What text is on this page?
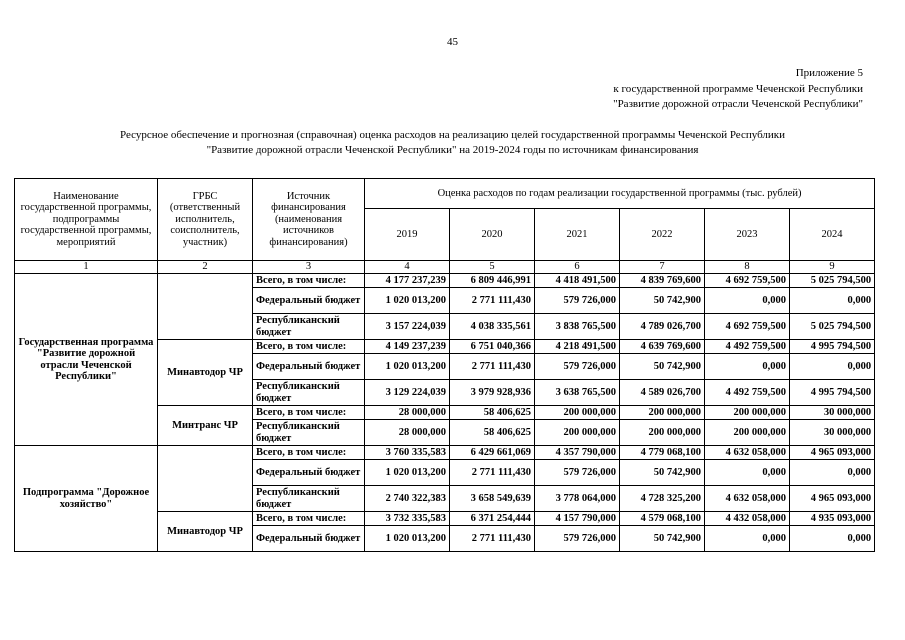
45
Приложение 5
к государственной программе Чеченской Республики
"Развитие дорожной отрасли Чеченской Республики"
Ресурсное обеспечение и прогнозная (справочная) оценка расходов на реализацию целей государственной программы Чеченской Республики
"Развитие дорожной отрасли Чеченской Республики" на 2019-2024 годы по источникам финансирования
Наименование государственной программы, подпрограммы государственной программы, мероприятий	ГРБС (ответственный исполнитель, соисполнитель, участник)	Источник финансирования (наименования источников финансирования)	Оценка расходов по годам реализации государственной программы (тыс. рублей)					
			2019	2020	2021	2022	2023	2024
1	2	3	4	5	6	7	8	9
Государственная программа "Развитие дорожной отрасли Чеченской Республики"		Всего, в том числе:	4 177 237,239	6 809 446,991	4 418 491,500	4 839 769,600	4 692 759,500	5 025 794,500
		Федеральный бюджет	1 020 013,200	2 771 111,430	579 726,000	50 742,900	0,000	0,000
		Республиканский бюджет	3 157 224,039	4 038 335,561	3 838 765,500	4 789 026,700	4 692 759,500	5 025 794,500
	Минавтодор ЧР	Всего, в том числе:	4 149 237,239	6 751 040,366	4 218 491,500	4 639 769,600	4 492 759,500	4 995 794,500
		Федеральный бюджет	1 020 013,200	2 771 111,430	579 726,000	50 742,900	0,000	0,000
		Республиканский бюджет	3 129 224,039	3 979 928,936	3 638 765,500	4 589 026,700	4 492 759,500	4 995 794,500
	Минтранс ЧР	Всего, в том числе:	28 000,000	58 406,625	200 000,000	200 000,000	200 000,000	30 000,000
		Республиканский бюджет	28 000,000	58 406,625	200 000,000	200 000,000	200 000,000	30 000,000
Подпрограмма "Дорожное хозяйство"		Всего, в том числе:	3 760 335,583	6 429 661,069	4 357 790,000	4 779 068,100	4 632 058,000	4 965 093,000
		Федеральный бюджет	1 020 013,200	2 771 111,430	579 726,000	50 742,900	0,000	0,000
		Республиканский бюджет	2 740 322,383	3 658 549,639	3 778 064,000	4 728 325,200	4 632 058,000	4 965 093,000
	Минавтодор ЧР	Всего, в том числе:	3 732 335,583	6 371 254,444	4 157 790,000	4 579 068,100	4 432 058,000	4 935 093,000
		Федеральный бюджет	1 020 013,200	2 771 111,430	579 726,000	50 742,900	0,000	0,000
